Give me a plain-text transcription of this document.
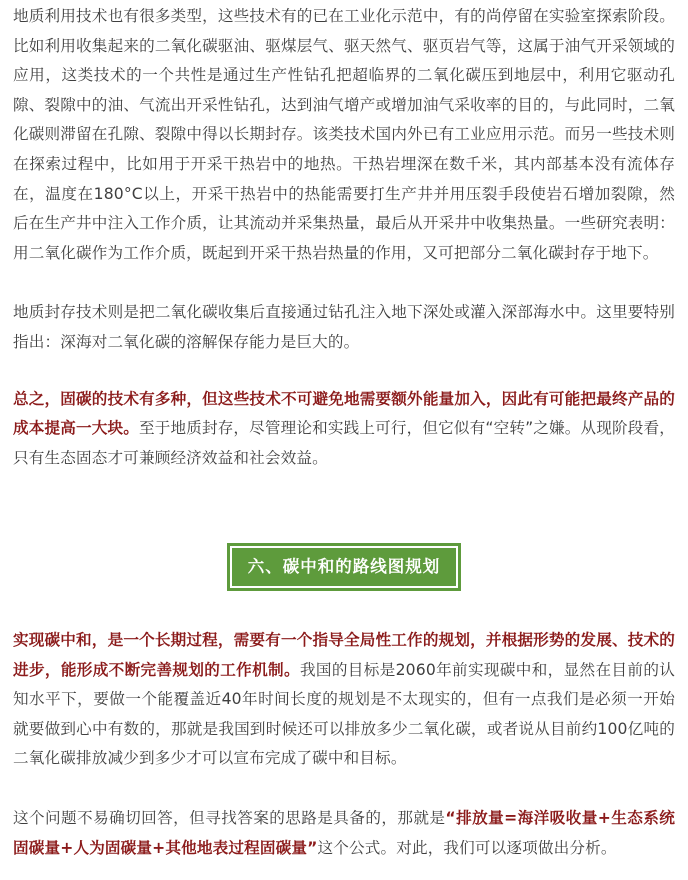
地质利用技术也有很多类型，这些技术有的已在工业化示范中，有的尚停留在实验室探索阶段。比如利用收集起来的二氧化碳驱油、驱煤层气、驱天然气、驱页岩气等，这属于油气开采领域的应用，这类技术的一个共性是通过生产性钻孔把超临界的二氧化碳压到地层中，利用它驱动孔隙、裂隙中的油、气流出开采性钻孔，达到油气增产或增加油气采收率的目的，与此同时，二氧化碳则滞留在孔隙、裂隙中得以长期封存。该类技术国内外已有工业应用示范。而另一些技术则在探索过程中，比如用于开采干热岩中的地热。干热岩埋深在数千米，其内部基本没有流体存在，温度在180°C以上，开采干热岩中的热能需要打生产井并用压裂手段使岩石增加裂隙，然后在生产井中注入工作介质，让其流动并采集热量，最后从开采井中收集热量。一些研究表明：用二氧化碳作为工作介质，既起到开采干热岩热量的作用，又可把部分二氧化碳封存于地下。

地质封存技术则是把二氧化碳收集后直接通过钻孔注入地下深处或灌入深部海水中。这里要特别指出：深海对二氧化碳的溶解保存能力是巨大的。

总之，固碳的技术有多种，但这些技术不可避免地需要额外能量加入，因此有可能把最终产品的成本提高一大块。至于地质封存，尽管理论和实践上可行，但它似有“空转”之嫌。从现阶段看，只有生态固态才可兼顾经济效益和社会效益。

六、碳中和的路线图规划

实现碳中和，是一个长期过程，需要有一个指导全局性工作的规划，并根据形势的发展、技术的进步，能形成不断完善规划的工作机制。我国的目标是2060年前实现碳中和，显然在目前的认知水平下，要做一个能覆盖近40年时间长度的规划是不太现实的，但有一点我们是必须一开始就要做到心中有数的，那就是我国到时候还可以排放多少二氧化碳，或者说从目前约100亿吨的二氧化碳排放减少到多少才可以宣布完成了碳中和目标。

这个问题不易确切回答，但寻找答案的思路是具备的，那就是“排放量=海洋吸收量+生态系统固碳量+人为固碳量+其他地表过程固碳量”这个公式。对此，我们可以逐项做出分析。
